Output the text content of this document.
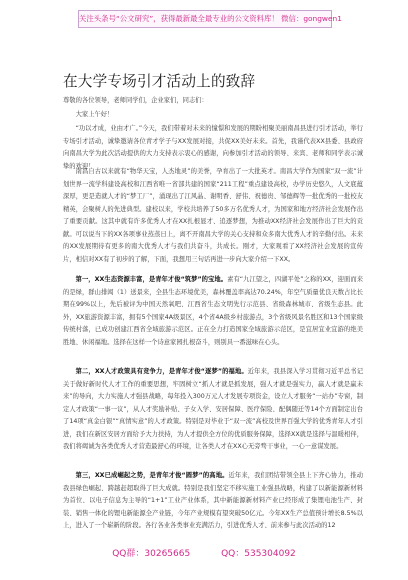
关注头条号“公文研究”，获得最新最全最专业的公文资料库！ 微信：gongwen1
在大学专场引才活动上的致辞

尊敬的各位领导，老师同学们，企业家们，同志们：

大家上午好！

“功以才成，业由才广。”今天，我们带着对未来的憧憬和发展的期盼相聚美丽南昌县进行引才活动，举行专场引才活动，诚挚邀请各位青才学子与XX发展对接，共促XX美好未来。首先，我谨代表XX县委、县政府向南昌大学为此次活动提供的大力支持表示衷心的感谢，向参加引才活动的领导、来宾、老师和同学表示诚挚的欢迎！

南昌自古以来就有“物华天宝，人杰地灵”的美誉，孕育出了一大批英才。南昌大学作为国家“双一流”计划世界一流学科建设高校和江西省唯一省部共建的国家“211工程”重点建设高校，办学历史悠久，人文底蕴深厚，更是造就人才的“梦工厂”，涌现出了江风晶、谢明香、舒伟、祝德贵、邹德辉等一批优秀的一批校友精英，会聚树人的先进典型。建校以来，学校共培养了50多万名优秀人才，为国家和地方经济社会发展作出了重要贡献。这其中就有许多优秀人才在XX扎根显才、追逐梦想，为推动XX经济社会发展作出了巨大的贡献。可以说当下的XX各项事业蒸蒸日上，离不开南昌大学的关心支持和众多南大优秀人才的辛勤付出。未来的XX发展期待有更多的南大优秀人才与我们共奋斗，共成长。刚才，大家观看了XX经济社会发展的宣传片，相信对XX有了初步的了解，下面，我想用三句话再进一步向大家介绍一下XX。

第一，XX生态资源丰富，是青年才俊“筑梦”的宝地。素有“九江望之，四湖平处”之称的XX，迎面而来的是绿，群山排闼（1）送景来，全县生态环境优美，森林覆盖率高达70.24%，年空气质量优良天数占比长期在99%以上，先后被评为中国天然氧吧、江西省生态文明先行示范县、省级森林城市、省级生态县。此外，XX旅游资源丰富，拥有5个国家4A级景区，4个省4A级乡村旅游点，3个省级风景名胜区和13个国家级传统村落，已成功创建江西省全域旅游示范区。正在全力打造国家全域旅游示范区，是宜居宜业宜游的绝美胜地、休闲福地。选择在这样一个诗意家园扎根奋斗，则别具一番滋味在心头。

第二，XX人才政策具有竞争力，是青年才俊“逐梦”的福地。近年来，我县深入学习贯彻习近平总书记关于做好新时代人才工作的重要思想，牢固树立“抓人才就是抓发展，强人才就是强实力，赢人才就是赢未来”的导向，大力实施人才强县战略，每年投入300万元人才发展专项资金，设立人才服务“一站办”专窗，制定人才政策“一事一议”，从人才奖励补贴、子女入学、安居保障、医疗保险、配偶随迁等14个方面制定出台了14项“真金白银”“真情实意”的人才政策。特别是对毕业于“双一流”高校及世界百强大学的优秀青年人才引进，我们在新区安居方面给予大力扶持，为人才提供全方位的优质服务保障，选择XX就是选择与温暖相伴，我们将竭诚为各类优秀人才营造最舒心的环境，让各类人才在XX心无旁骛干事业，一心一意谋发展。

第三，XX已成崛起之势，是青年才俊“圆梦”的高地。近年来，我们团结带领全县上下齐心协力，推动我县绿色崛起、跨越赶超取得了巨大成就。特别是我们坚定不移实施工业强县战略，构建了以新能源新材料为首位、以电子信息为主导的“1+1”工业产业体系，其中新能源新材料产业已经形成了集锂电池生产、封装、销售一体化的锂电新能源全产业链，今年产业规模有望突破50亿元。今年XX生产总值预计增长8.5%以上，进入了一个崭新的阶段。各行各业各类事业充满活力，引进优秀人才、前来参与此次活动的12

QQ群：30265665	QQ：535304092
